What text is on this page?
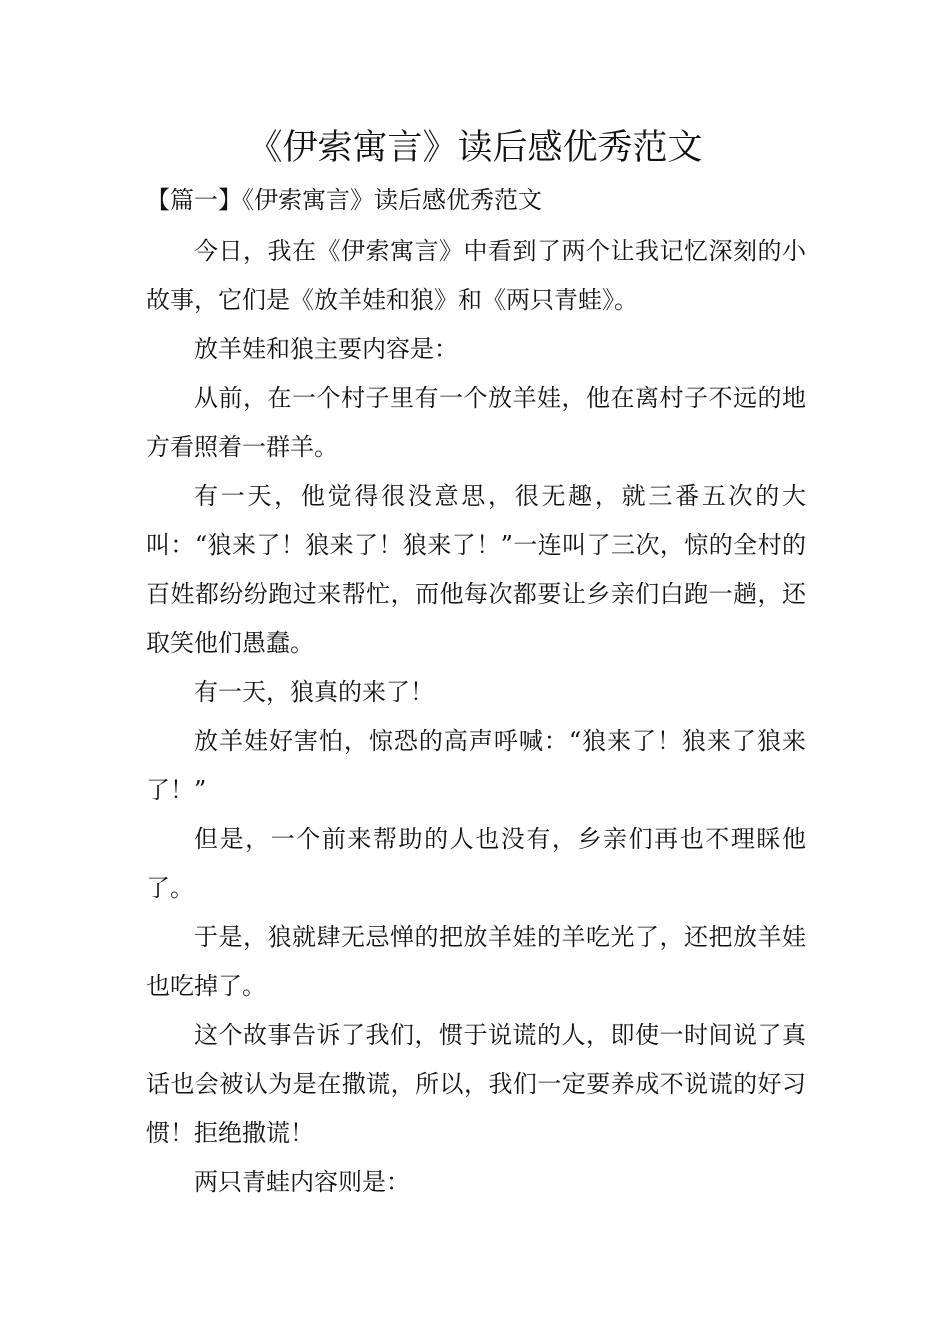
《伊索寓言》读后感优秀范文
【篇一】《伊索寓言》读后感优秀范文

今日，我在《伊索寓言》中看到了两个让我记忆深刻的小故事，它们是《放羊娃和狼》和《两只青蛙》。

放羊娃和狼主要内容是：

从前，在一个村子里有一个放羊娃，他在离村子不远的地方看照着一群羊。

有一天，他觉得很没意思，很无趣，就三番五次的大叫：“狼来了！狼来了！狼来了！”一连叫了三次，惊的全村的百姓都纷纷跑过来帮忙，而他每次都要让乡亲们白跑一趟，还取笑他们愚蠢。

有一天，狼真的来了！

放羊娃好害怕，惊恐的高声呼喊：“狼来了！狼来了狼来了！”

但是，一个前来帮助的人也没有，乡亲们再也不理睬他了。

于是，狼就肆无忌惮的把放羊娃的羊吃光了，还把放羊娃也吃掉了。

这个故事告诉了我们，惯于说谎的人，即使一时间说了真话也会被认为是在撒谎，所以，我们一定要养成不说谎的好习惯！拒绝撒谎！

两只青蛙内容则是：
